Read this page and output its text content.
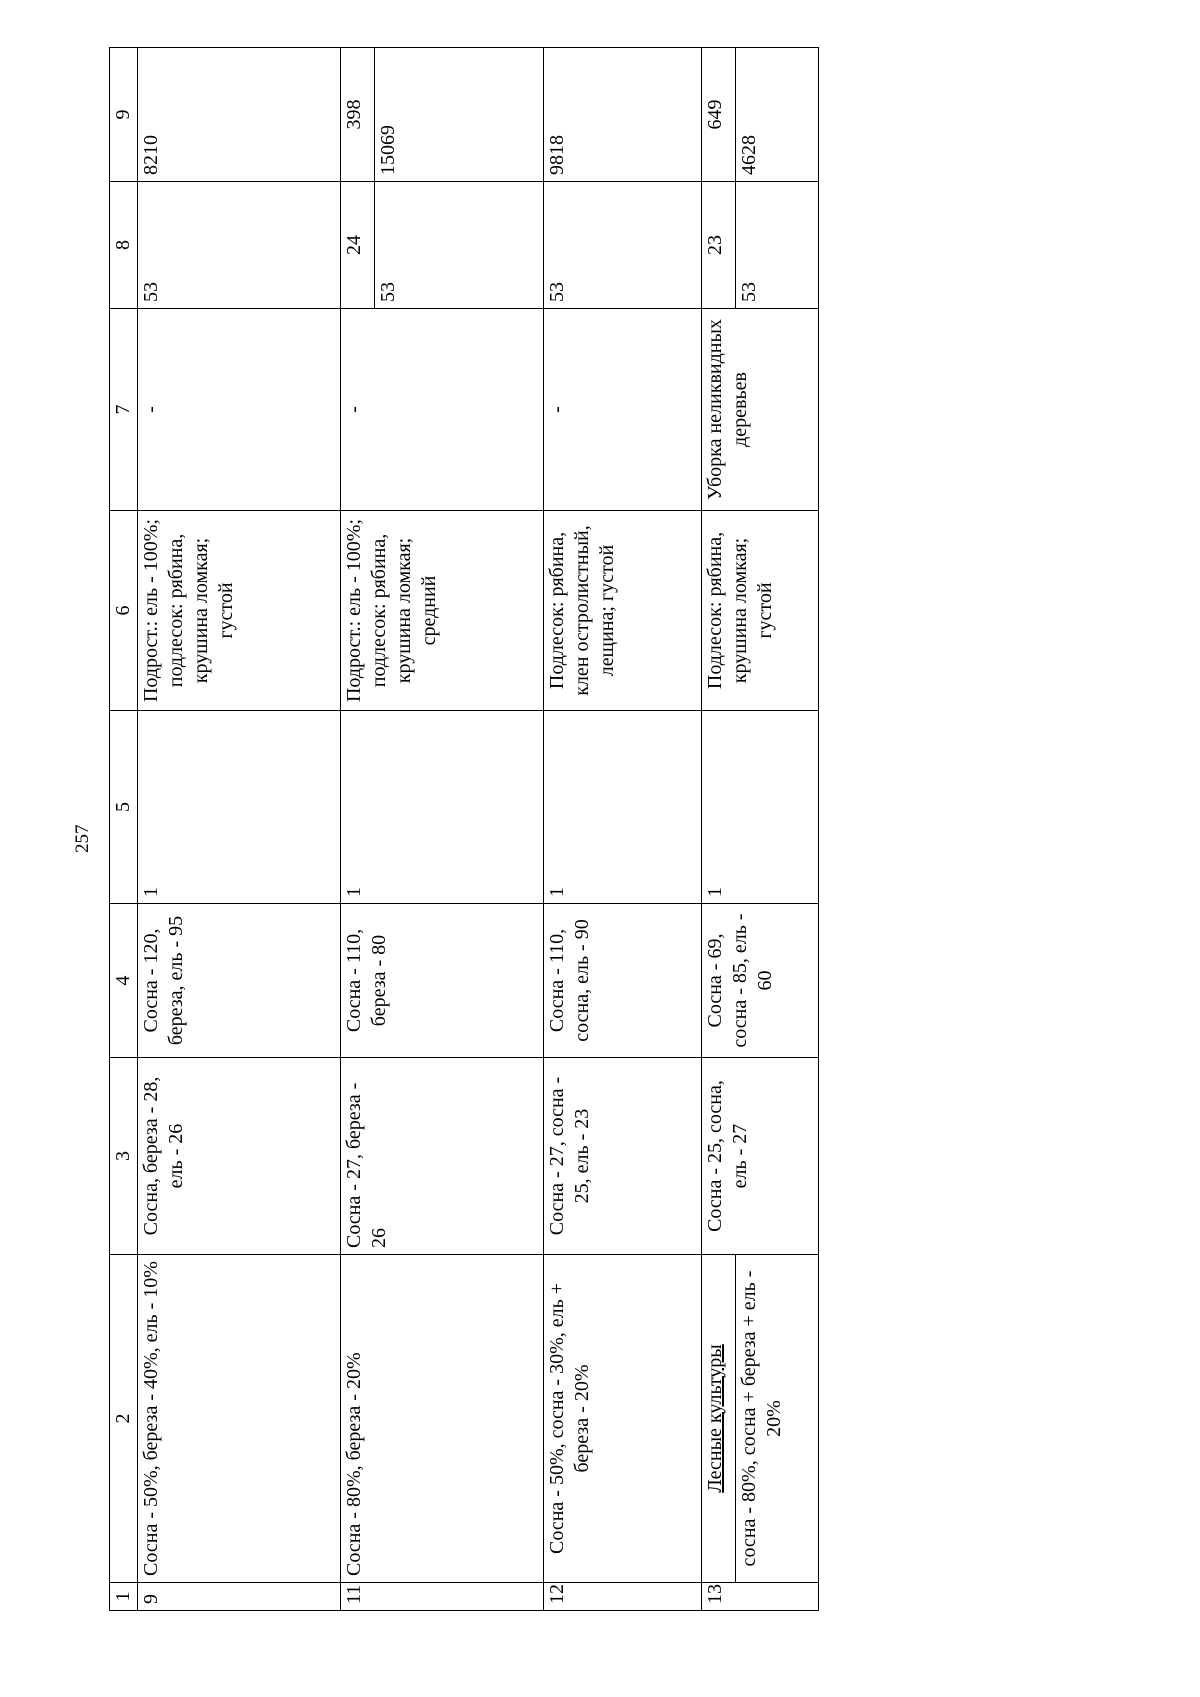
257
1	2	3	4	5	6	7	8	9
9	Сосна - 50%, береза - 40%, ель - 10%	Сосна, береза - 28, ель - 26	Сосна - 120, береза, ель - 95	1	Подрост.: ель - 100%; подлесок: рябина, крушина ломкая; густой	-	53	8210
11	Сосна - 80%, береза - 20%	Сосна - 27, береза - 26	Сосна - 110, береза - 80	1	Подрост.: ель - 100%; подлесок: рябина, крушина ломкая; средний	-	24	398
							53	15069
12	Сосна - 50%, сосна - 30%, ель + береза - 20%	Сосна - 27, сосна - 25, ель - 23	Сосна - 110, сосна, ель - 90	1	Подлесок: рябина, клен остролистный, лещина; густой	-	53	9818
13	Лесные культуры	Сосна - 25, сосна, ель - 27	Сосна - 69, сосна - 85, ель - 60	1	Подлесок: рябина, крушина ломкая; густой	Уборка неликвидных деревьев	23	649
	сосна - 80%, сосна + береза + ель - 20%						53	4628
